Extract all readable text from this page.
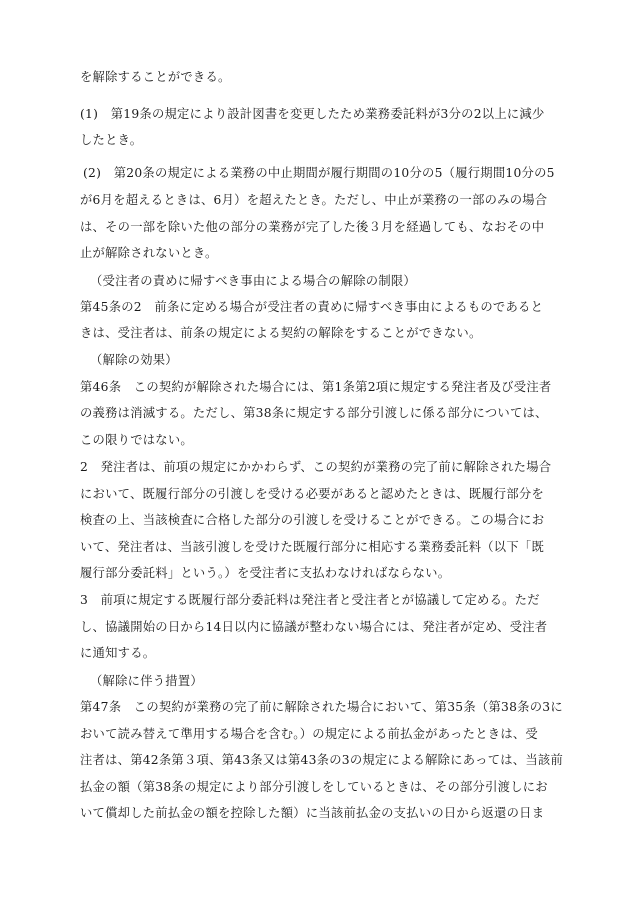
を解除することができる。
(1)　第19条の規定により設計図書を変更したため業務委託料が3分の2以上に減少
したとき。
(2)　第20条の規定による業務の中止期間が履行期間の10分の5（履行期間10分の5
が6月を超えるときは、6月）を超えたとき。ただし、中止が業務の一部のみの場合
は、その一部を除いた他の部分の業務が完了した後３月を経過しても、なおその中
止が解除されないとき。
（受注者の責めに帰すべき事由による場合の解除の制限）
第45条の2　前条に定める場合が受注者の責めに帰すべき事由によるものであると
きは、受注者は、前条の規定による契約の解除をすることができない。
（解除の効果）
第46条　この契約が解除された場合には、第1条第2項に規定する発注者及び受注者
の義務は消滅する。ただし、第38条に規定する部分引渡しに係る部分については、
この限りではない。
2　発注者は、前項の規定にかかわらず、この契約が業務の完了前に解除された場合
において、既履行部分の引渡しを受ける必要があると認めたときは、既履行部分を
検査の上、当該検査に合格した部分の引渡しを受けることができる。この場合にお
いて、発注者は、当該引渡しを受けた既履行部分に相応する業務委託料（以下「既
履行部分委託料」という。）を受注者に支払わなければならない。
3　前項に規定する既履行部分委託料は発注者と受注者とが協議して定める。ただ
し、協議開始の日から14日以内に協議が整わない場合には、発注者が定め、受注者
に通知する。
（解除に伴う措置）
第47条　この契約が業務の完了前に解除された場合において、第35条（第38条の3に
おいて読み替えて準用する場合を含む。）の規定による前払金があったときは、受
注者は、第42条第３項、第43条又は第43条の3の規定による解除にあっては、当該前
払金の額（第38条の規定により部分引渡しをしているときは、その部分引渡しにお
いて償却した前払金の額を控除した額）に当該前払金の支払いの日から返還の日ま
